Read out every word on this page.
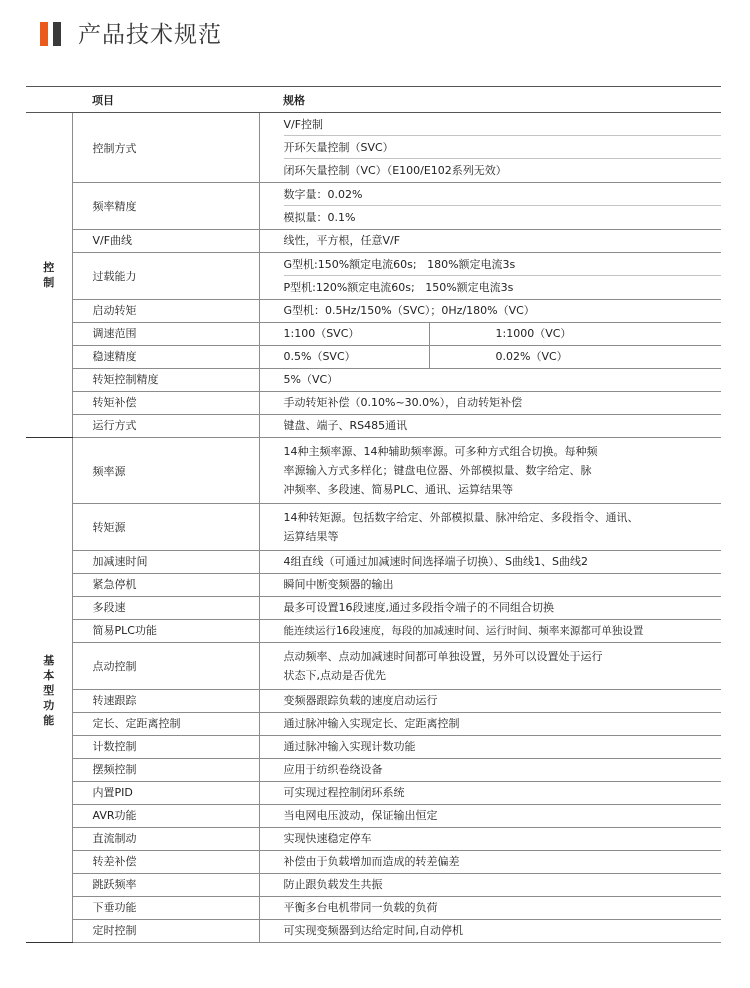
产品技术规范
	项目	规格
控制	控制方式	V/F控制
开环矢量控制（SVC）
闭环矢量控制（VC）（E100/E102系列无效）

	频率精度	数字量：0.02%
模拟量：0.1%

	V/F曲线	线性，平方根，任意V/F
	过载能力	G型机:150%额定电流60s;   180%额定电流3s
P型机:120%额定电流60s;   150%额定电流3s

	启动转矩	G型机：0.5Hz/150%（SVC）；0Hz/180%（VC）
	调速范围	1:100（SVC） 1:1000（VC）

	稳速精度	0.5%（SVC） 0.02%（VC）

	转矩控制精度	5%（VC）
	转矩补偿	手动转矩补偿（0.10%~30.0%），自动转矩补偿
	运行方式	键盘、端子、RS485通讯
基本型功能	频率源	14种主频率源、14种辅助频率源。可多种方式组合切换。每种频
率源输入方式多样化；键盘电位器、外部模拟量、数字给定、脉
冲频率、多段速、简易PLC、通讯、运算结果等

	转矩源	14种转矩源。包括数字给定、外部模拟量、脉冲给定、多段指令、通讯、
运算结果等

	加减速时间	4组直线（可通过加减速时间选择端子切换）、S曲线1、S曲线2
	紧急停机	瞬间中断变频器的输出
	多段速	最多可设置16段速度,通过多段指令端子的不同组合切换
	简易PLC功能	能连续运行16段速度，每段的加减速时间、运行时间、频率来源都可单独设置
	点动控制	点动频率、点动加减速时间都可单独设置，另外可以设置处于运行
状态下,点动是否优先

	转速跟踪	变频器跟踪负载的速度启动运行
	定长、定距离控制	通过脉冲输入实现定长、定距离控制
	计数控制	通过脉冲输入实现计数功能
	摆频控制	应用于纺织卷绕设备
	内置PID	可实现过程控制闭环系统
	AVR功能	当电网电压波动，保证输出恒定
	直流制动	实现快速稳定停车
	转差补偿	补偿由于负载增加而造成的转差偏差
	跳跃频率	防止跟负载发生共振
	下垂功能	平衡多台电机带同一负载的负荷
	定时控制	可实现变频器到达给定时间,自动停机
